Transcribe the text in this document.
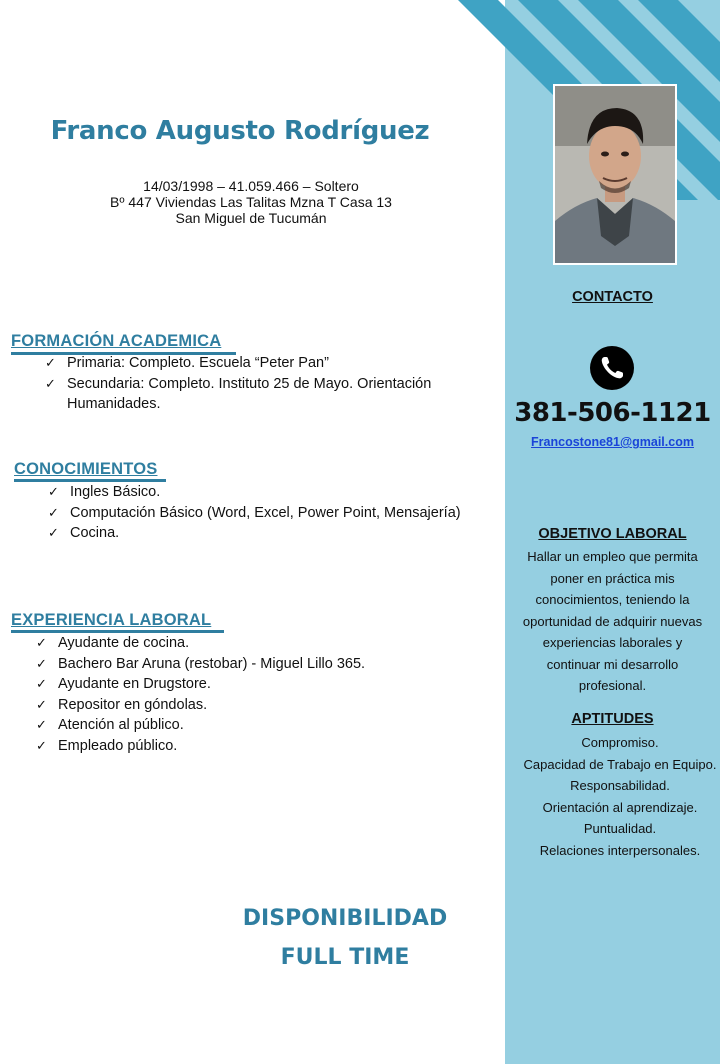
Franco Augusto Rodríguez
14/03/1998 – 41.059.466 – Soltero
Bº 447 Viviendas Las Talitas Mzna T Casa 13
San Miguel de Tucumán
FORMACIÓN ACADEMICA
✓ Primaria: Completo. Escuela “Peter Pan”
✓ Secundaria: Completo. Instituto 25 de Mayo. Orientación Humanidades.
CONOCIMIENTOS
✓ Ingles Básico.
✓ Computación Básico (Word, Excel, Power Point, Mensajería)
✓ Cocina.
EXPERIENCIA LABORAL
✓ Ayudante de cocina.
✓ Bachero Bar Aruna (restobar) - Miguel Lillo 365.
✓ Ayudante en Drugstore.
✓ Repositor en góndolas.
✓ Atención al público.
✓ Empleado público.
DISPONIBILIDAD
FULL TIME
CONTACTO
381-506-1121
Francostone81@gmail.com
OBJETIVO LABORAL
Hallar un empleo que permita
poner en práctica mis
conocimientos, teniendo la
oportunidad de adquirir nuevas
experiencias laborales y
continuar mi desarrollo
profesional.
APTITUDES
Compromiso.
Capacidad de Trabajo en Equipo.
Responsabilidad.
Orientación al aprendizaje.
Puntualidad.
Relaciones interpersonales.
